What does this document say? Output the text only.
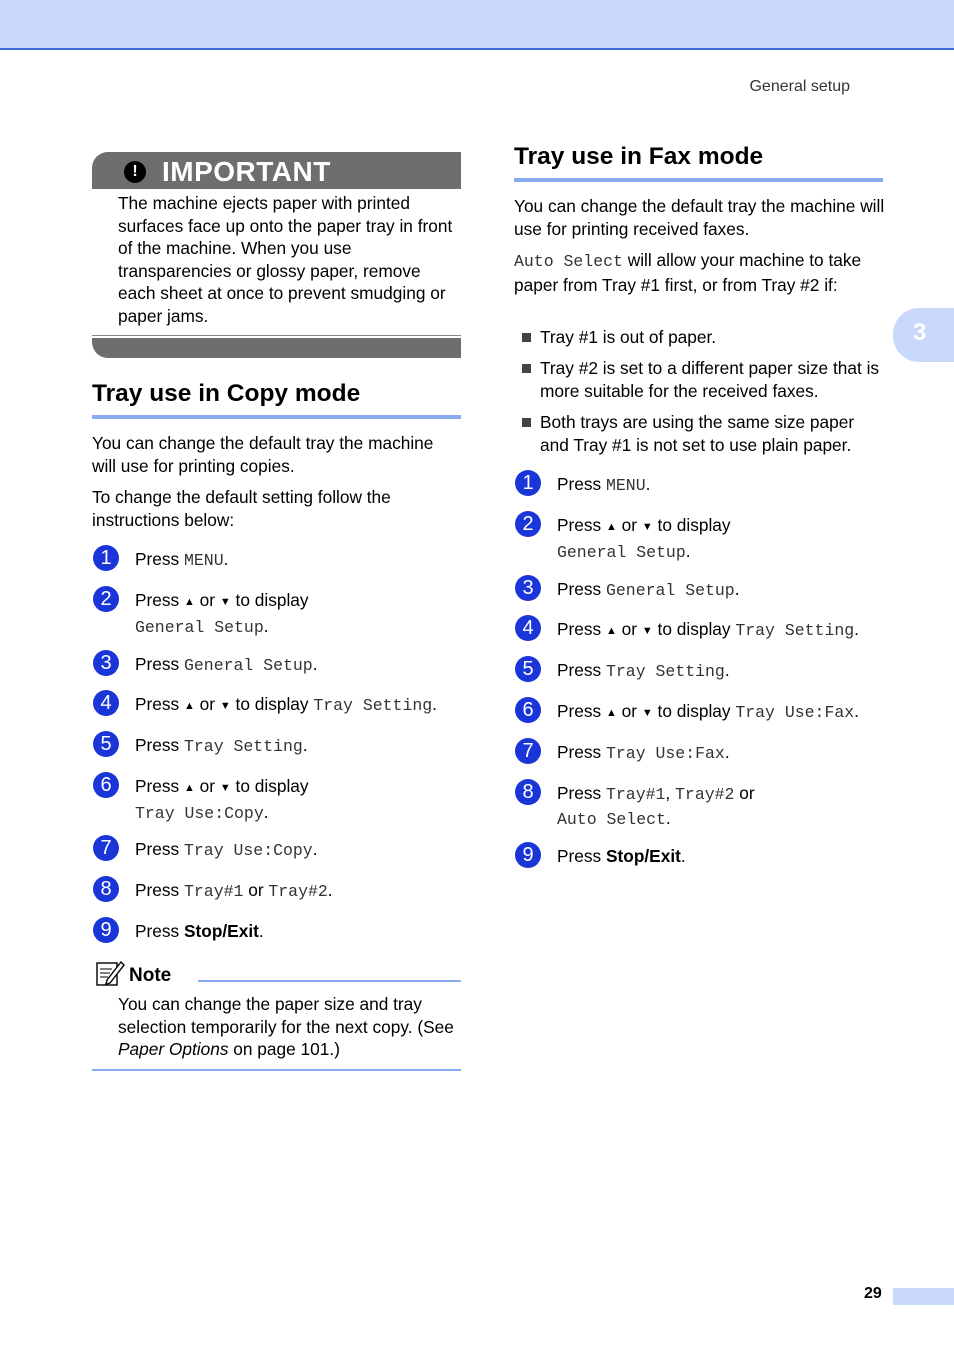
General setup
3
! IMPORTANT
The machine ejects paper with printed surfaces face up onto the paper tray in front of the machine. When you use transparencies or glossy paper, remove each sheet at once to prevent smudging or paper jams.
Tray use in Copy mode
You can change the default tray the machine will use for printing copies.
To change the default setting follow the instructions below:
1	Press MENU.
2	Press ▲ or ▼ to display
General Setup.
3	Press General Setup.
4	Press ▲ or ▼ to display Tray Setting.
5	Press Tray Setting.
6	Press ▲ or ▼ to display
Tray Use:Copy.
7	Press Tray Use:Copy.
8	Press Tray#1 or Tray#2.
9	Press Stop/Exit.
Note
You can change the paper size and tray selection temporarily for the next copy. (See Paper Options on page 101.)
Tray use in Fax mode
You can change the default tray the machine will use for printing received faxes.
Auto Select will allow your machine to take paper from Tray #1 first, or from Tray #2 if:
Tray #1 is out of paper.
Tray #2 is set to a different paper size that is more suitable for the received faxes.
Both trays are using the same size paper and Tray #1 is not set to use plain paper.
1	Press MENU.
2	Press ▲ or ▼ to display
General Setup.
3	Press General Setup.
4	Press ▲ or ▼ to display Tray Setting.
5	Press Tray Setting.
6	Press ▲ or ▼ to display Tray Use:Fax.
7	Press Tray Use:Fax.
8	Press Tray#1, Tray#2 or
Auto Select.
9	Press Stop/Exit.
29
